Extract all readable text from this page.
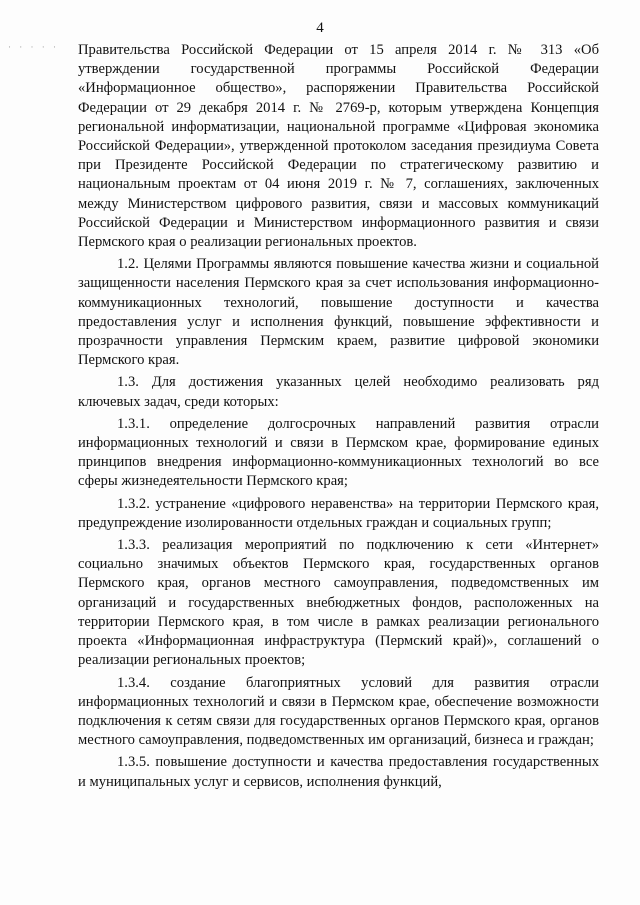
4
· · · · · Правительства Российской Федерации от 15 апреля 2014 г. № 313 «Об утверждении государственной программы Российской Федерации «Информационное общество», распоряжении Правительства Российской Федерации от 29 декабря 2014 г. № 2769-р, которым утверждена Концепция региональной информатизации, национальной программе «Цифровая экономика Российской Федерации», утвержденной протоколом заседания президиума Совета при Президенте Российской Федерации по стратегическому развитию и национальным проектам от 04 июня 2019 г. № 7, соглашениях, заключенных между Министерством цифрового развития, связи и массовых коммуникаций Российской Федерации и Министерством информационного развития и связи Пермского края о реализации региональных проектов.

1.2. Целями Программы являются повышение качества жизни и социальной защищенности населения Пермского края за счет использования информационно-коммуникационных технологий, повышение доступности и качества предоставления услуг и исполнения функций, повышение эффективности и прозрачности управления Пермским краем, развитие цифровой экономики Пермского края.

1.3. Для достижения указанных целей необходимо реализовать ряд ключевых задач, среди которых:

1.3.1. определение долгосрочных направлений развития отрасли информационных технологий и связи в Пермском крае, формирование единых принципов внедрения информационно-коммуникационных технологий во все сферы жизнедеятельности Пермского края;

1.3.2. устранение «цифрового неравенства» на территории Пермского края, предупреждение изолированности отдельных граждан и социальных групп;

1.3.3. реализация мероприятий по подключению к сети «Интернет» социально значимых объектов Пермского края, государственных органов Пермского края, органов местного самоуправления, подведомственных им организаций и государственных внебюджетных фондов, расположенных на территории Пермского края, в том числе в рамках реализации регионального проекта «Информационная инфраструктура (Пермский край)», соглашений о реализации региональных проектов;

1.3.4. создание благоприятных условий для развития отрасли информационных технологий и связи в Пермском крае, обеспечение возможности подключения к сетям связи для государственных органов Пермского края, органов местного самоуправления, подведомственных им организаций, бизнеса и граждан;

1.3.5. повышение доступности и качества предоставления государственных и муниципальных услуг и сервисов, исполнения функций,
